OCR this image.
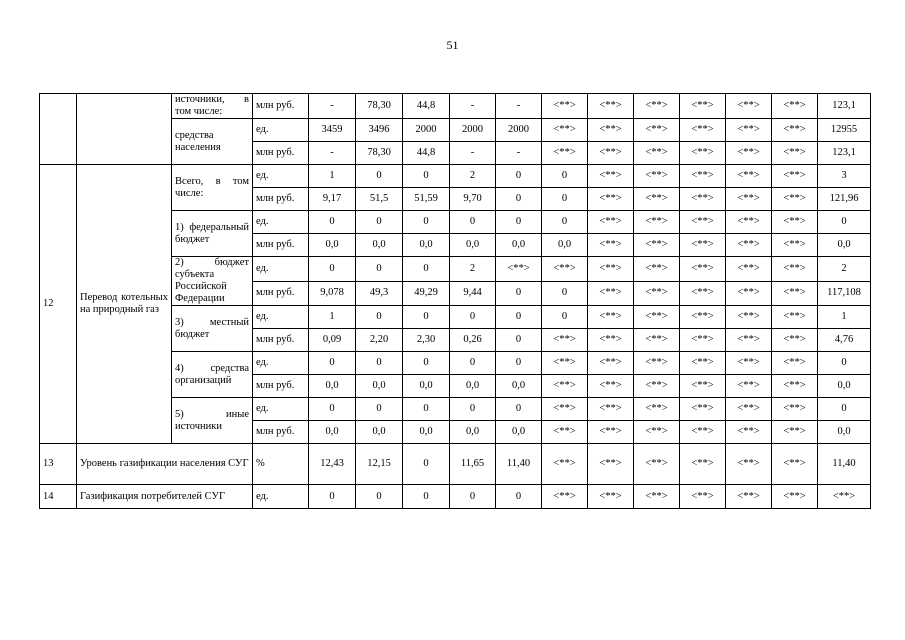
51
		источники, в том числе:	млн руб.	-	78,30	44,8	-	-	<**>	<**>	<**>	<**>	<**>	<**>	123,1
		средства населения	ед.	3459	3496	2000	2000	2000	<**>	<**>	<**>	<**>	<**>	<**>	12955
			млн руб.	-	78,30	44,8	-	-	<**>	<**>	<**>	<**>	<**>	<**>	123,1
12	Перевод котельных на природный газ	Всего, в том числе:	ед.	1	0	0	2	0	0	<**>	<**>	<**>	<**>	<**>	3
			млн руб.	9,17	51,5	51,59	9,70	0	0	<**>	<**>	<**>	<**>	<**>	121,96
		1) федеральный бюджет	ед.	0	0	0	0	0	0	<**>	<**>	<**>	<**>	<**>	0
			млн руб.	0,0	0,0	0,0	0,0	0,0	0,0	<**>	<**>	<**>	<**>	<**>	0,0
		2) бюджет субъекта Российской Федерации	ед.	0	0	0	2	<**>	<**>	<**>	<**>	<**>	<**>	<**>	2
			млн руб.	9,078	49,3	49,29	9,44	0	0	<**>	<**>	<**>	<**>	<**>	117,108
		3) местный бюджет	ед.	1	0	0	0	0	0	<**>	<**>	<**>	<**>	<**>	1
			млн руб.	0,09	2,20	2,30	0,26	0	<**>	<**>	<**>	<**>	<**>	<**>	4,76
		4) средства организаций	ед.	0	0	0	0	0	<**>	<**>	<**>	<**>	<**>	<**>	0
			млн руб.	0,0	0,0	0,0	0,0	0,0	<**>	<**>	<**>	<**>	<**>	<**>	0,0
		5) иные источники	ед.	0	0	0	0	0	<**>	<**>	<**>	<**>	<**>	<**>	0
			млн руб.	0,0	0,0	0,0	0,0	0,0	<**>	<**>	<**>	<**>	<**>	<**>	0,0
13	Уровень газификации населения СУГ		%	12,43	12,15	0	11,65	11,40	<**>	<**>	<**>	<**>	<**>	<**>	11,40
14	Газификация потребителей СУГ		ед.	0	0	0	0	0	<**>	<**>	<**>	<**>	<**>	<**>	<**>
